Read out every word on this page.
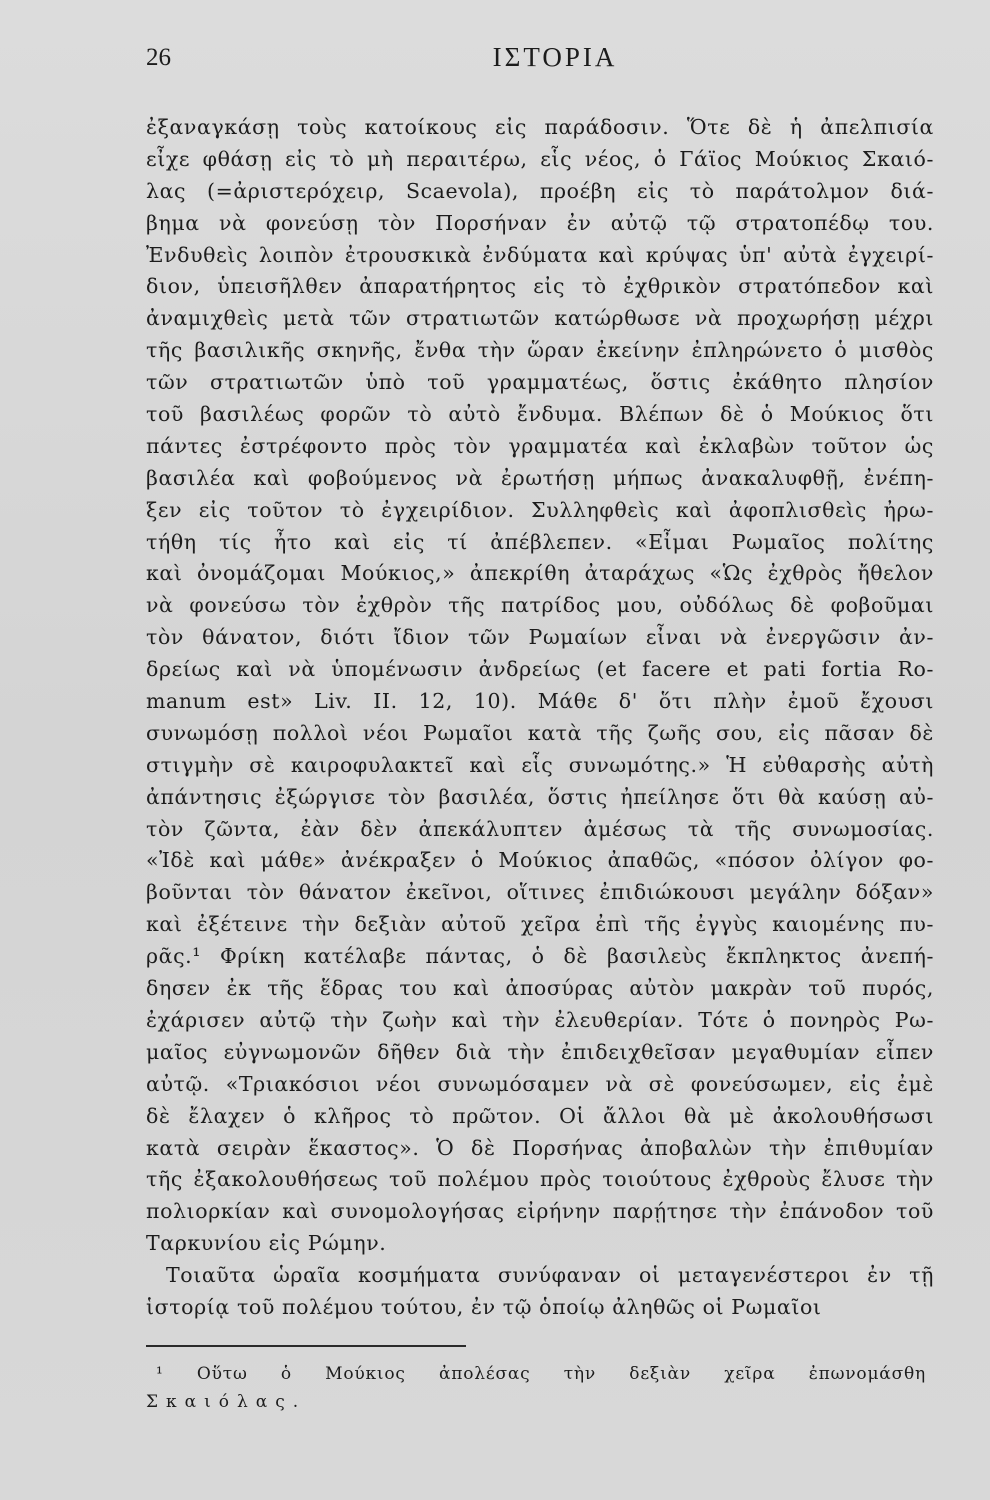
26	ΙΣΤΟΡΙΑ
ἐξαναγκάσῃ τοὺς κατοίκους εἰς παράδοσιν. Ὅτε δὲ ἡ ἀπελπισία
εἶχε φθάσῃ εἰς τὸ μὴ περαιτέρω, εἷς νέος, ὁ Γάϊος Μούκιος Σκαιό-
λας (=ἀριστερόχειρ, Scaevola), προέβη εἰς τὸ παράτολμον διά-
βημα νὰ φονεύσῃ τὸν Πορσήναν ἐν αὐτῷ τῷ στρατοπέδῳ του.
Ἐνδυθεὶς λοιπὸν ἐτρουσκικὰ ἐνδύματα καὶ κρύψας ὑπ' αὐτὰ ἐγχειρί-
διον, ὑπεισῆλθεν ἀπαρατήρητος εἰς τὸ ἐχθρικὸν στρατόπεδον καὶ
ἀναμιχθεὶς μετὰ τῶν στρατιωτῶν κατώρθωσε νὰ προχωρήσῃ μέχρι
τῆς βασιλικῆς σκηνῆς, ἔνθα τὴν ὥραν ἐκείνην ἐπληρώνετο ὁ μισθὸς
τῶν στρατιωτῶν ὑπὸ τοῦ γραμματέως, ὅστις ἐκάθητο πλησίον
τοῦ βασιλέως φορῶν τὸ αὐτὸ ἔνδυμα. Βλέπων δὲ ὁ Μούκιος ὅτι
πάντες ἐστρέφοντο πρὸς τὸν γραμματέα καὶ ἐκλαβὼν τοῦτον ὡς
βασιλέα καὶ φοβούμενος νὰ ἐρωτήσῃ μήπως ἀνακαλυφθῇ, ἐνέπη-
ξεν εἰς τοῦτον τὸ ἐγχειρίδιον. Συλληφθεὶς καὶ ἀφοπλισθεὶς ἠρω-
τήθη τίς ἦτο καὶ εἰς τί ἀπέβλεπεν. «Εἶμαι Ρωμαῖος πολίτης
καὶ ὀνομάζομαι Μούκιος,» ἀπεκρίθη ἀταράχως «Ὡς ἐχθρὸς ἤθελον
νὰ φονεύσω τὸν ἐχθρὸν τῆς πατρίδος μου, οὐδόλως δὲ φοβοῦμαι
τὸν θάνατον, διότι ἴδιον τῶν Ρωμαίων εἶναι νὰ ἐνεργῶσιν ἀν-
δρείως καὶ νὰ ὑπομένωσιν ἀνδρείως (et facere et pati fortia Ro-
manum est» Liv. II. 12, 10). Μάθε δ' ὅτι πλὴν ἐμοῦ ἔχουσι
συνωμόσῃ πολλοὶ νέοι Ρωμαῖοι κατὰ τῆς ζωῆς σου, εἰς πᾶσαν δὲ
στιγμὴν σὲ καιροφυλακτεῖ καὶ εἷς συνωμότης.» Ἡ εὐθαρσὴς αὐτὴ
ἀπάντησις ἐξώργισε τὸν βασιλέα, ὅστις ἠπείλησε ὅτι θὰ καύσῃ αὐ-
τὸν ζῶντα, ἐὰν δὲν ἀπεκάλυπτεν ἀμέσως τὰ τῆς συνωμοσίας.
«Ἰδὲ καὶ μάθε» ἀνέκραξεν ὁ Μούκιος ἀπαθῶς, «πόσον ὀλίγον φο-
βοῦνται τὸν θάνατον ἐκεῖνοι, οἵτινες ἐπιδιώκουσι μεγάλην δόξαν»
καὶ ἐξέτεινε τὴν δεξιὰν αὐτοῦ χεῖρα ἐπὶ τῆς ἐγγὺς καιομένης πυ-
ρᾶς.¹ Φρίκη κατέλαβε πάντας, ὁ δὲ βασιλεὺς ἔκπληκτος ἀνεπή-
δησεν ἐκ τῆς ἕδρας του καὶ ἀποσύρας αὐτὸν μακρὰν τοῦ πυρός,
ἐχάρισεν αὐτῷ τὴν ζωὴν καὶ τὴν ἐλευθερίαν. Τότε ὁ πονηρὸς Ρω-
μαῖος εὐγνωμονῶν δῆθεν διὰ τὴν ἐπιδειχθεῖσαν μεγαθυμίαν εἶπεν
αὐτῷ. «Τριακόσιοι νέοι συνωμόσαμεν νὰ σὲ φονεύσωμεν, εἰς ἐμὲ
δὲ ἔλαχεν ὁ κλῆρος τὸ πρῶτον. Οἱ ἄλλοι θὰ μὲ ἀκολουθήσωσι
κατὰ σειρὰν ἕκαστος». Ὁ δὲ Πορσήνας ἀποβαλὼν τὴν ἐπιθυμίαν
τῆς ἐξακολουθήσεως τοῦ πολέμου πρὸς τοιούτους ἐχθροὺς ἔλυσε τὴν
πολιορκίαν καὶ συνομολογήσας εἰρήνην παρῄτησε τὴν ἐπάνοδον τοῦ
Ταρκυνίου εἰς Ρώμην.
Τοιαῦτα ὡραῖα κοσμήματα συνύφαναν οἱ μεταγενέστεροι ἐν τῇ
ἱστορίᾳ τοῦ πολέμου τούτου, ἐν τῷ ὁποίῳ ἀληθῶς οἱ Ρωμαῖοι
¹ Οὕτω ὁ Μούκιος ἀπολέσας τὴν δεξιὰν χεῖρα ἐπωνομάσθη
Σκαιόλας.
